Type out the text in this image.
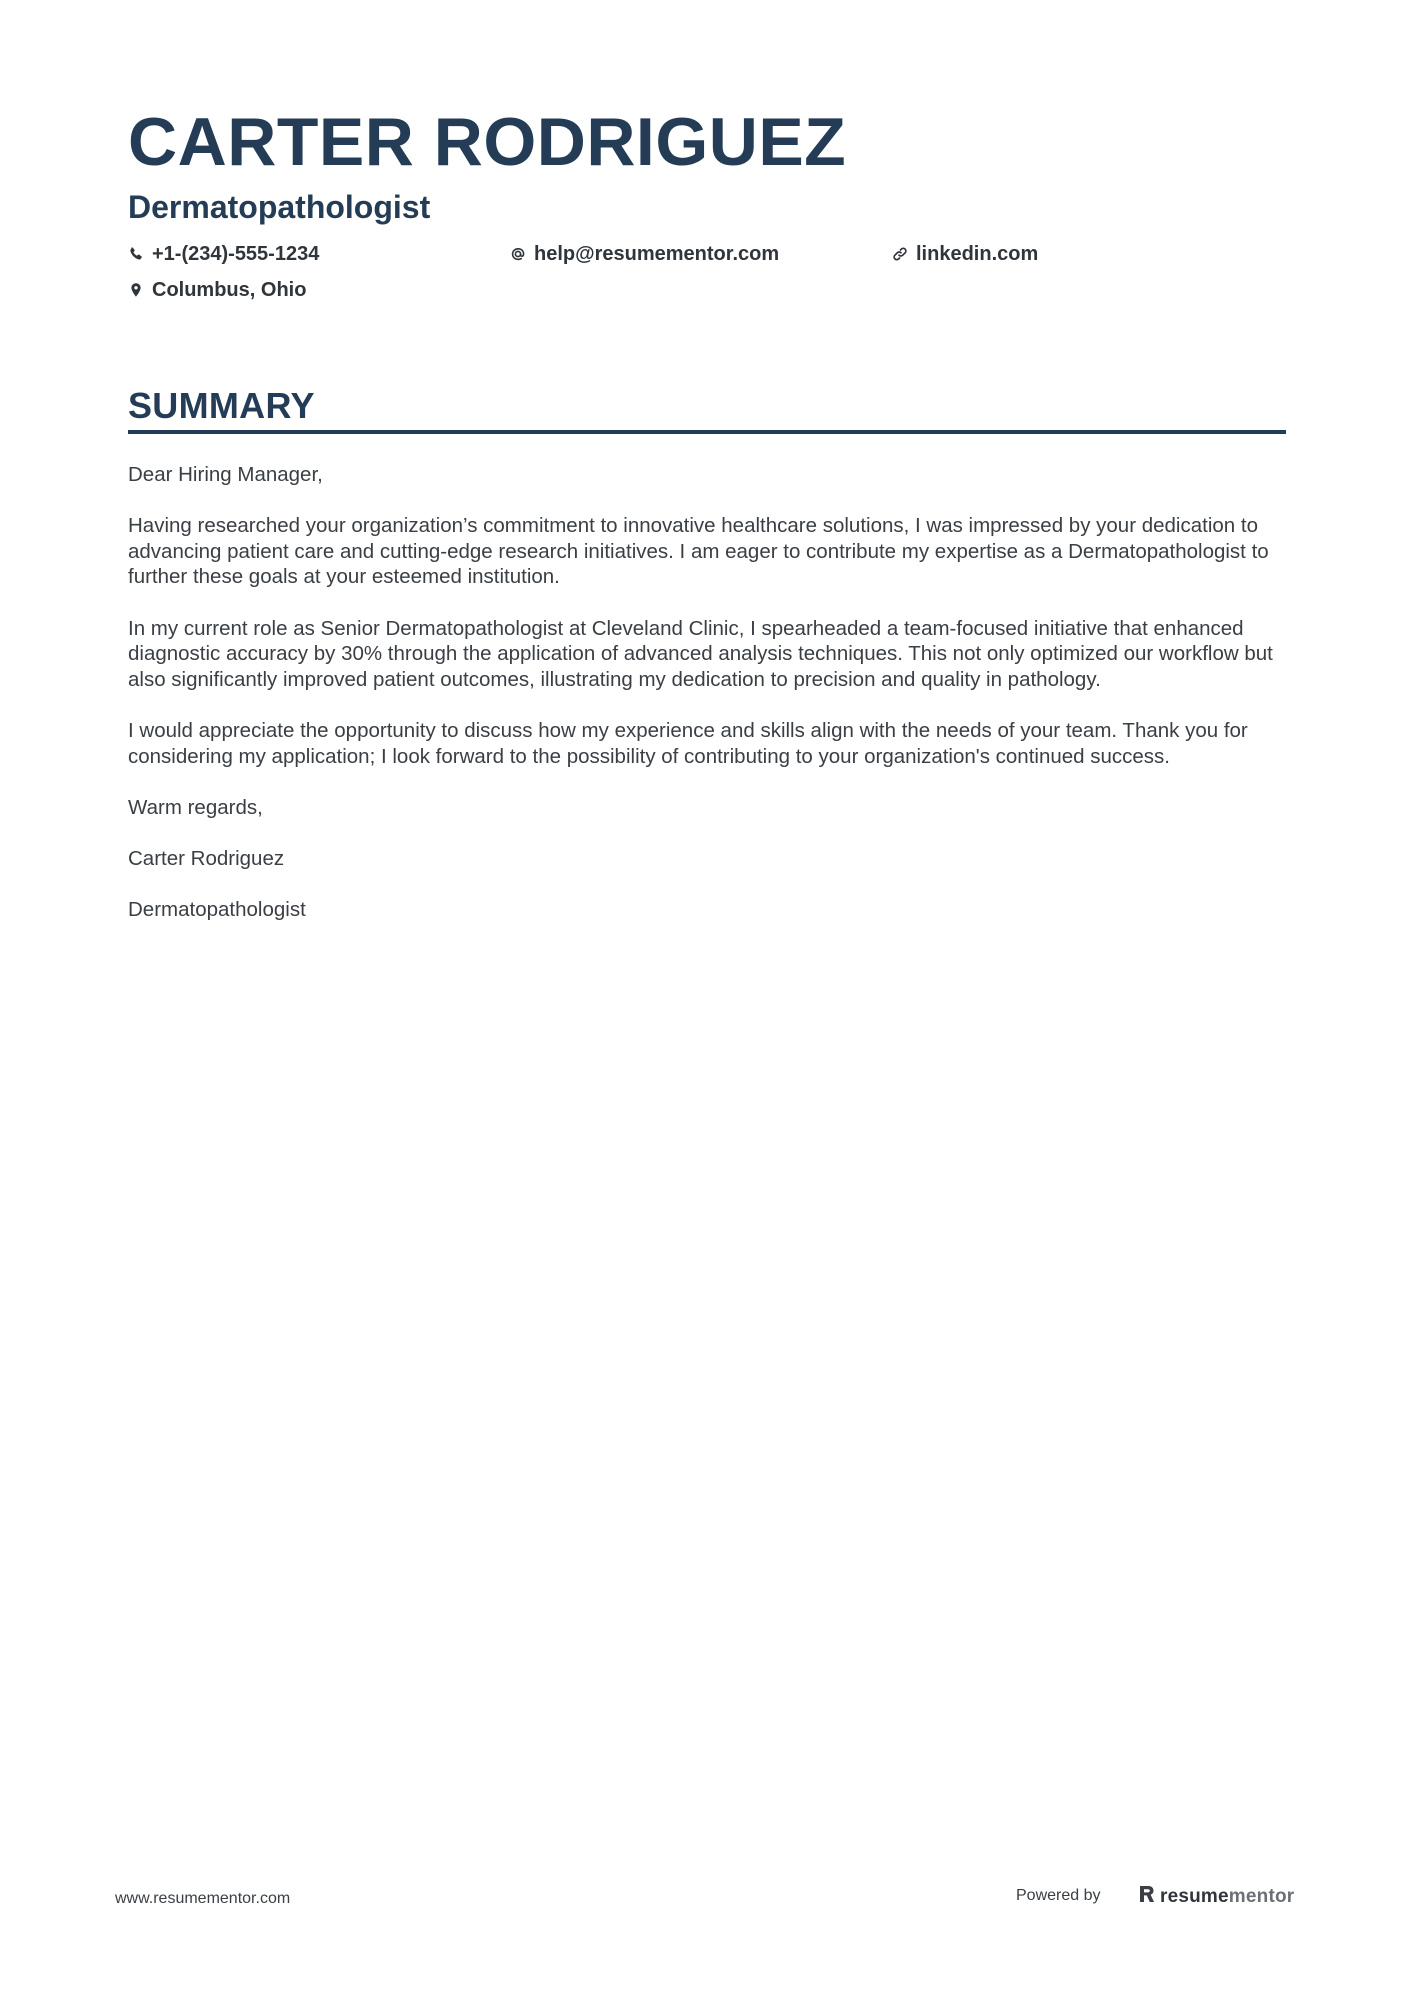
CARTER RODRIGUEZ
Dermatopathologist
+1-(234)-555-1234	help@resumementor.com	linkedin.com
Columbus, Ohio
SUMMARY

Dear Hiring Manager,

Having researched your organization’s commitment to innovative healthcare solutions, I was impressed by your dedication to advancing patient care and cutting-edge research initiatives. I am eager to contribute my expertise as a Dermatopathologist to further these goals at your esteemed institution.

In my current role as Senior Dermatopathologist at Cleveland Clinic, I spearheaded a team-focused initiative that enhanced diagnostic accuracy by 30% through the application of advanced analysis techniques. This not only optimized our workflow but also significantly improved patient outcomes, illustrating my dedication to precision and quality in pathology.

I would appreciate the opportunity to discuss how my experience and skills align with the needs of your team. Thank you for considering my application; I look forward to the possibility of contributing to your organization's continued success.

Warm regards,

Carter Rodriguez

Dermatopathologist

www.resumementor.com	Powered by	resumementor
